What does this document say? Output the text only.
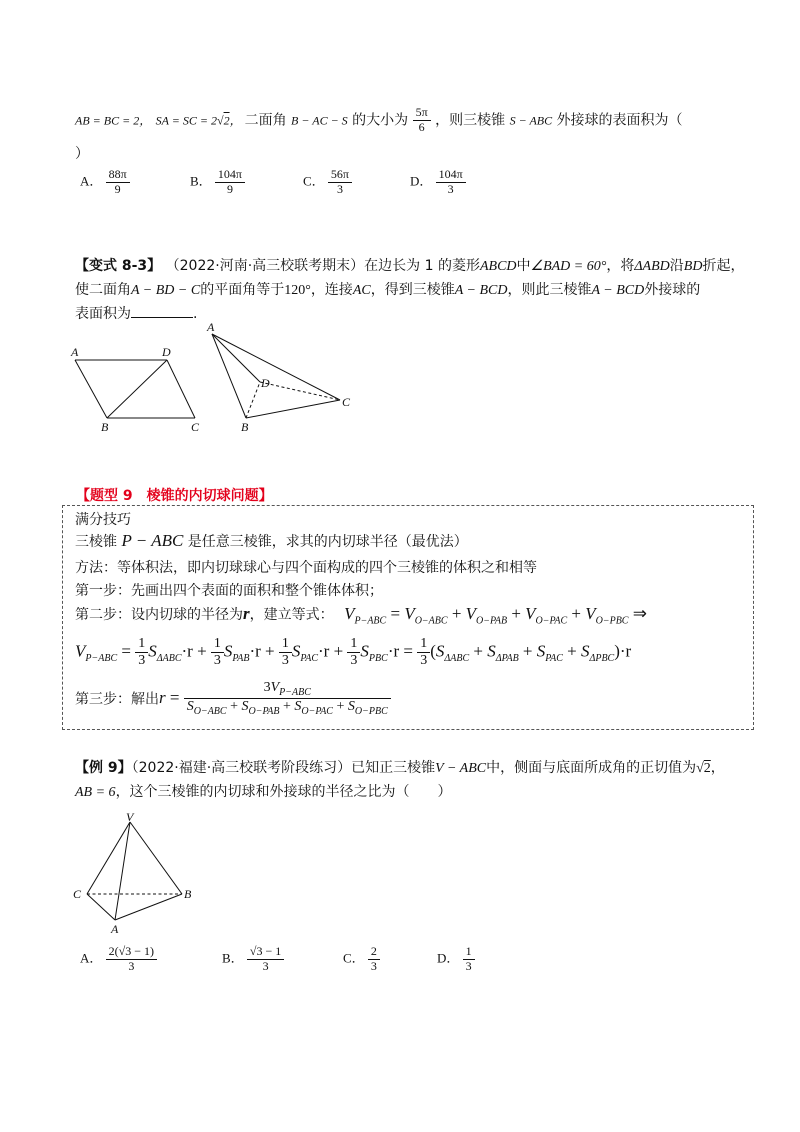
AB = BC = 2， SA = SC = 2√2， 二面角 B − AC − S 的大小为 $\frac{5\pi}{6}$ ，则三棱锥 S − ABC 外接球的表面积为（
）
A． $\frac{88\pi}{9}$	B． $\frac{104\pi}{9}$	C． $\frac{56\pi}{3}$	D． $\frac{104\pi}{3}$
【变式 8-3】 （2022·河南·高三校联考期末）在边长为 1 的菱形ABCD中∠BAD = 60°，将ΔABD沿BD折起，
使二面角A − BD − C的平面角等于120°，连接AC，得到三棱锥A − BCD，则此三棱锥A − BCD外接球的
表面积为	.
A	D
B	C
A
D
B
C
【题型 9　棱锥的内切球问题】
满分技巧
三棱锥 P − ABC 是任意三棱锥，求其的内切球半径（最优法）
方法：等体积法，即内切球球心与四个面构成的四个三棱锥的体积之和相等
第一步：先画出四个表面的面积和整个锥体体积；
第二步：设内切球的半径为r，建立等式： $V_{P-ABC} = V_{O-ABC} + V_{O-PAB} + V_{O-PAC} + V_{O-PBC}$ ⇒
$V_{P-ABC} = \frac{1}{3} S_{\Delta ABC}\cdot r + \frac{1}{3} S_{PAB}\cdot r + \frac{1}{3} S_{PAC}\cdot r + \frac{1}{3} S_{PBC}\cdot r = \frac{1}{3} (S_{\Delta ABC} + S_{\Delta PAB} + S_{PAC} + S_{\Delta PBC})\cdot r$
第三步：解出$r = \frac{3V_{P-ABC}}{S_{O-ABC} + S_{O-PAB} + S_{O-PAC} + S_{O-PBC}}$
【例 9】（2022·福建·高三校联考阶段练习）已知正三棱锥V − ABC中，侧面与底面所成角的正切值为√2，
AB = 6，这个三棱锥的内切球和外接球的半径之比为（　　）
V
C	B
A
A． $\frac{2(√3 - 1)}{3}$	B． $\frac{√3 - 1}{3}$	C． $\frac{2}{3}$	D． $\frac{1}{3}$
